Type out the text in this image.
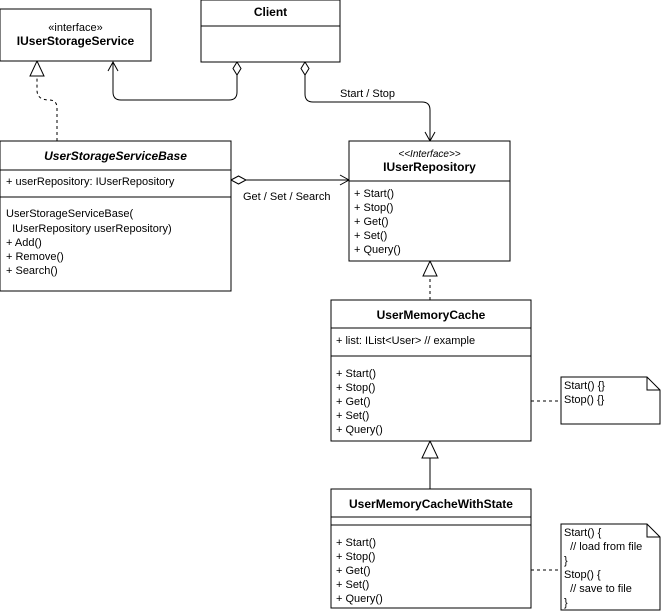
Start / Stop
Get / Set / Search
«interface»
IUserStorageService
Client
UserStorageServiceBase
+ userRepository: IUserRepository
UserStorageServiceBase(
IUserRepository userRepository)
+ Add()
+ Remove()
+ Search()
<<Interface>>
IUserRepository
+ Start()
+ Stop()
+ Get()
+ Set()
+ Query()
UserMemoryCache
+ list: IList<User> // example
+ Start()
+ Stop()
+ Get()
+ Set()
+ Query()
UserMemoryCacheWithState
+ Start()
+ Stop()
+ Get()
+ Set()
+ Query()
Start() {}
Stop() {}
Start() {
// load from file
}
Stop() {
// save to file
}
